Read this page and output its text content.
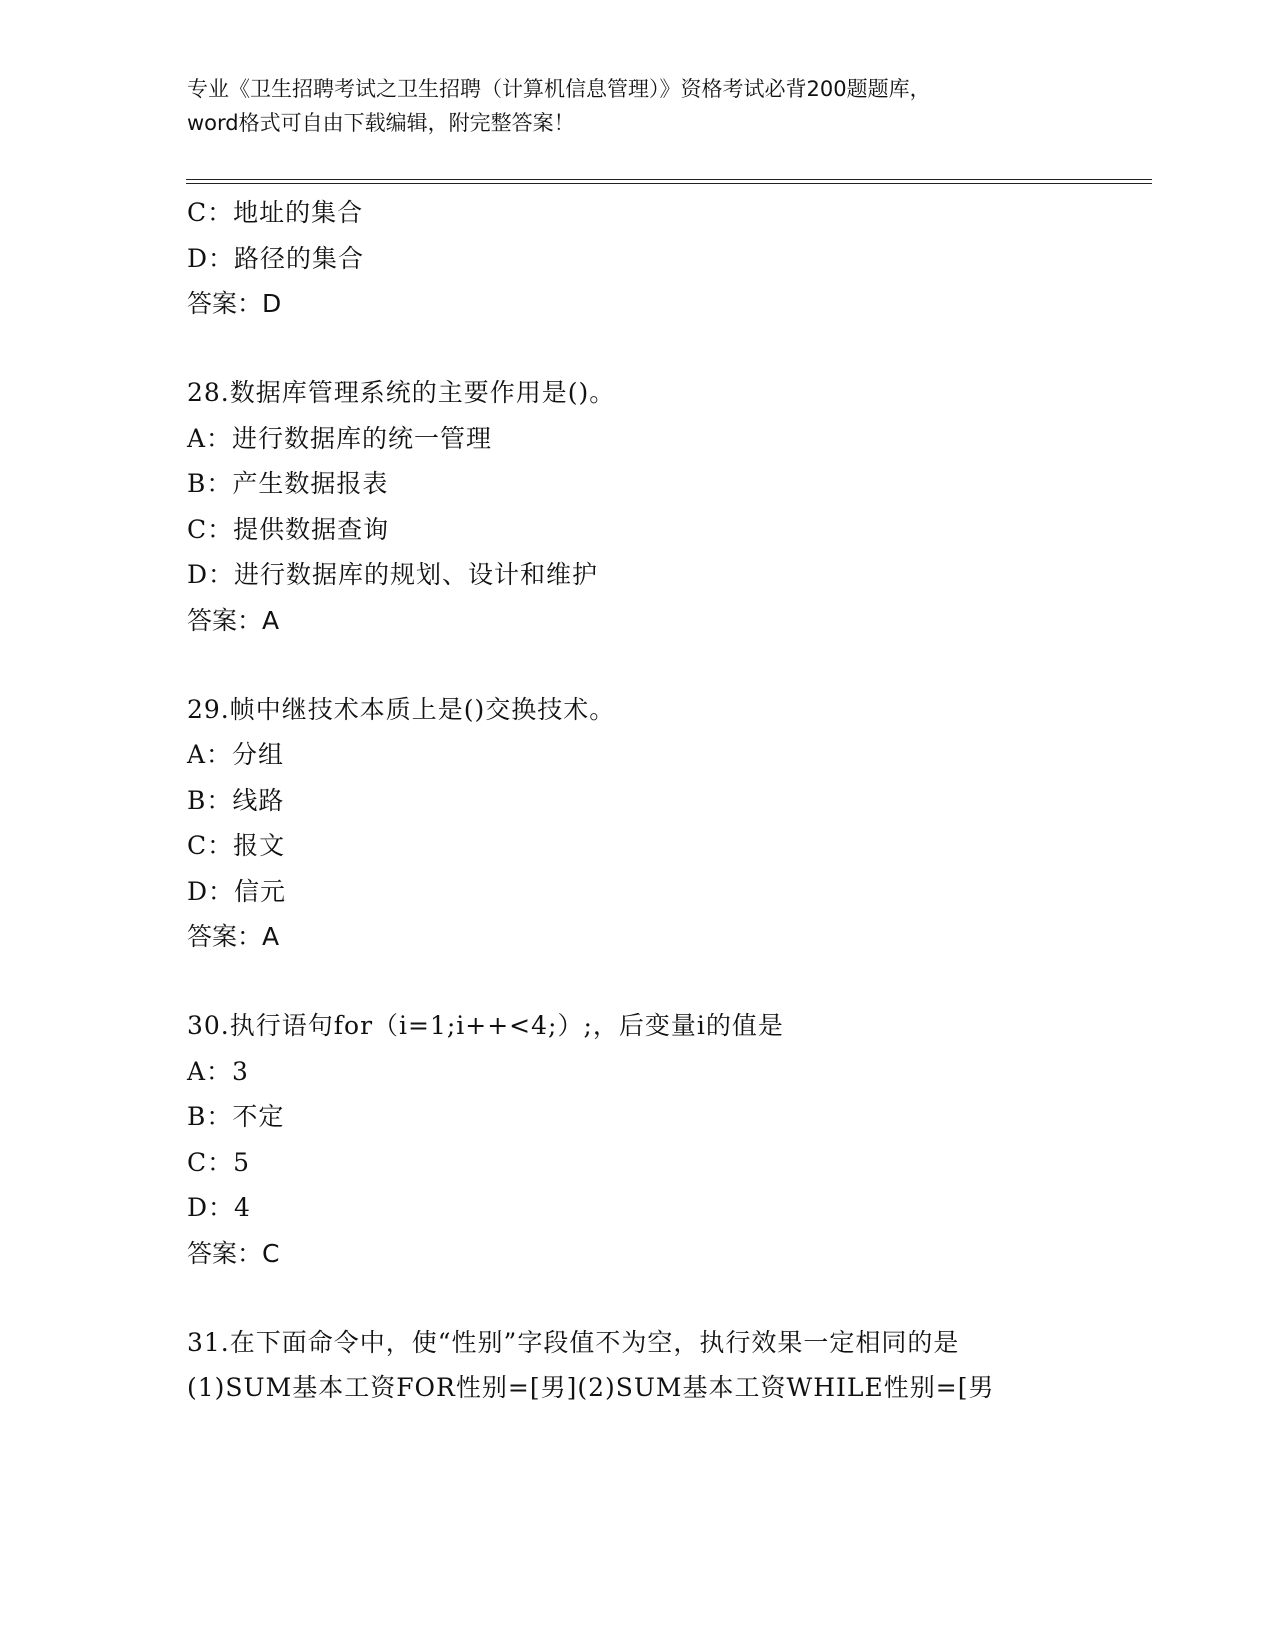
专业《卫生招聘考试之卫生招聘（计算机信息管理）》资格考试必背200题题库，
word格式可自由下载编辑，附完整答案！
C：地址的集合
D：路径的集合
答案：D
28.数据库管理系统的主要作用是()。
A：进行数据库的统一管理
B：产生数据报表
C：提供数据查询
D：进行数据库的规划、设计和维护
答案：A
29.帧中继技术本质上是()交换技术。
A：分组
B：线路
C：报文
D：信元
答案：A
30.执行语句for（i=1;i++<4;）;，后变量i的值是
A：3
B：不定
C：5
D：4
答案：C
31.在下面命令中，使“性别”字段值不为空，执行效果一定相同的是
(1)SUM基本工资FOR性别=[男](2)SUM基本工资WHILE性别=[男
